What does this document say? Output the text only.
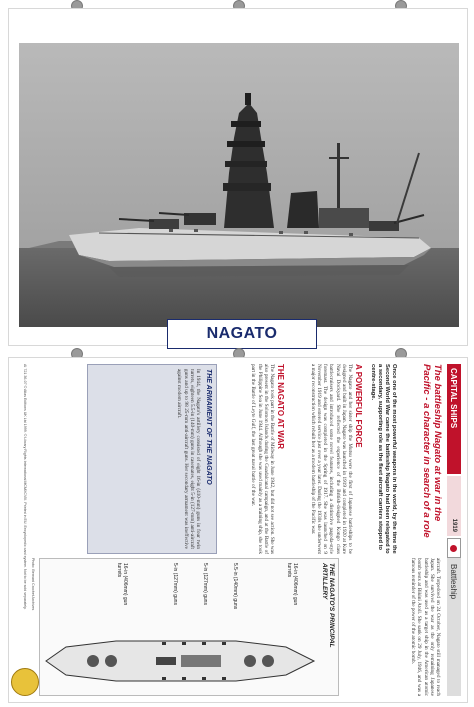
NAGATO
CAPITAL SHIPS
1919
Battleship
The battleship Nagato at war in the Pacific - a character in search of a role
Once one of the most powerful weapons in the world, by the time the Second World War came the battleship Nagato had been relegated to a secondary, supporting role as the fleet aircraft carriers stepped to centre-stage.
aircraft. Torpedoed on 24 October, Nagato still managed to reach Japan. She survived the war as the only remaining Japanese battleship and was used as a target ship in the American atomic bomb tests at Bikini Atoll. She sank on 29 July, 1946, and was a famous reminder of the power of the atomic bomb.
A POWERFUL FORCE
The Nagato and her sister ship the Mutsu were the first of Japanese battleships to be designed and built in Japan. Nagato was launched in 1919 and completed in 1920 at Kure Naval Dockyard. She reflected the experience of the British-designed Kongo class battlecruisers and introduced some novel features, including a distinctive pagoda-style foremast. The design was completed in the Spring of 1917. She was launched on 9 November 1919 and entered service just over a year later. During the 1930s she underwent a major reconstruction which rebuilt her as a modern battleship of the Pacific war.
THE NAGATO AT WAR
The Nagato took part in the Battle of Midway in June 1942, but did not see action. She was also present in the Solomon Islands during the Guadalcanal campaign, and at the Battle of the Philippine Sea in June 1944. Although she was used mainly as a training ship, she took part in the Battle of Leyte Gulf, the last great naval battle of the war.
THE NAGATO'S PRINCIPAL ARTILLERY
16-in (406mm) gun turrets
5.5-in (140mm) guns
5-in (127mm) guns
5-in (127mm) guns
16-in (406mm) gun turrets
THE ARMAMENT OF THE NAGATO
In 1944, the Nagato's artillery consisted of eight 16-in (410-mm) guns in four twin turrets, eighteen 5.5-in (140-mm) guns in casemates, eight 5-in (127-mm) anti-aircraft guns and up to 98 25-mm anti-aircraft guns. Her secondary armament was ineffective against modern aircraft.
AI 721 36-07 © Atlas Editions UK Ltd 1999. © Library Rights International MCMXCVIII. Printed in EU. Encyclopedic card system. Not to be sold separately. Photo: Bernard Crochet Archives
